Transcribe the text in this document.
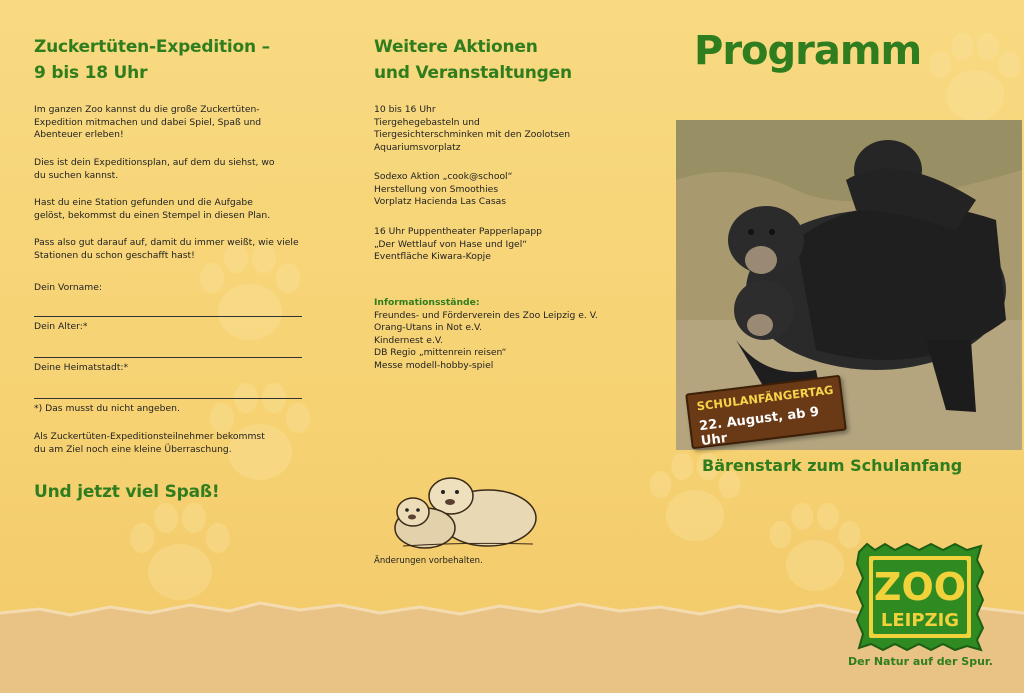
Zuckertüten-Expedition –
9 bis 18 Uhr

Im ganzen Zoo kannst du die große Zuckertüten-Expedition mitmachen und dabei Spiel, Spaß und Abenteuer erleben!

Dies ist dein Expeditionsplan, auf dem du siehst, wo du suchen kannst.

Hast du eine Station gefunden und die Aufgabe gelöst, bekommst du einen Stempel in diesen Plan.

Pass also gut darauf auf, damit du immer weißt, wie viele Stationen du schon geschafft hast!

Dein Vorname:
Dein Alter:*
Deine Heimatstadt:*

*) Das musst du nicht angeben.

Als Zuckertüten-Expeditionsteilnehmer bekommst du am Ziel noch eine kleine Überraschung.

Und jetzt viel Spaß!
Weitere Aktionen
und Veranstaltungen

10 bis 16 Uhr

Tiergehegebasteln und

Tiergesichterschminken mit den Zoolotsen

Aquariumsvorplatz

Sodexo Aktion „cook@school“

Herstellung von Smoothies

Vorplatz Hacienda Las Casas

16 Uhr Puppentheater Papperlapapp

„Der Wettlauf von Hase und Igel“

Eventfläche Kiwara-Kopje

Informationsstände:

Freundes- und Förderverein des Zoo Leipzig e. V.

Orang-Utans in Not e.V.

Kindernest e.V.

DB Regio „mittenrein reisen“

Messe modell-hobby-spiel

Änderungen vorbehalten.
Programm
SCHULANFÄNGERTAG
22. August, ab 9 Uhr
Bärenstark zum Schulanfang
ZOO
LEIPZIG
Der Natur auf der Spur.
